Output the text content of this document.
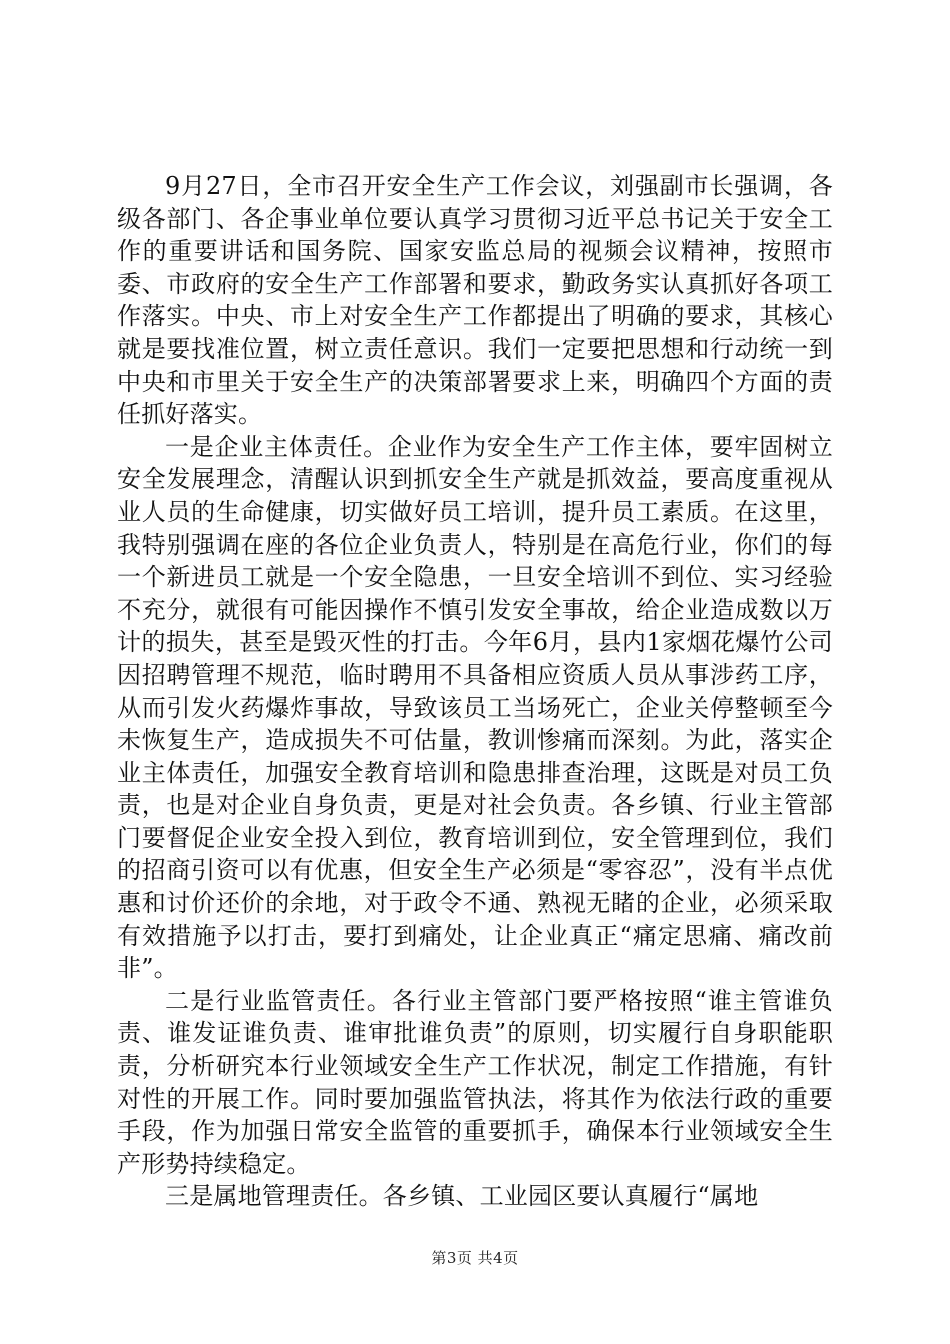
9月27日，全市召开安全生产工作会议，刘强副市长强调，各级各部门、各企事业单位要认真学习贯彻习近平总书记关于安全工作的重要讲话和国务院、国家安监总局的视频会议精神，按照市委、市政府的安全生产工作部署和要求，勤政务实认真抓好各项工作落实。中央、市上对安全生产工作都提出了明确的要求，其核心就是要找准位置，树立责任意识。我们一定要把思想和行动统一到中央和市里关于安全生产的决策部署要求上来，明确四个方面的责任抓好落实。

一是企业主体责任。企业作为安全生产工作主体，要牢固树立安全发展理念，清醒认识到抓安全生产就是抓效益，要高度重视从业人员的生命健康，切实做好员工培训，提升员工素质。在这里，我特别强调在座的各位企业负责人，特别是在高危行业，你们的每一个新进员工就是一个安全隐患，一旦安全培训不到位、实习经验不充分，就很有可能因操作不慎引发安全事故，给企业造成数以万计的损失，甚至是毁灭性的打击。今年6月，县内1家烟花爆竹公司因招聘管理不规范，临时聘用不具备相应资质人员从事涉药工序，从而引发火药爆炸事故，导致该员工当场死亡，企业关停整顿至今未恢复生产，造成损失不可估量，教训惨痛而深刻。为此，落实企业主体责任，加强安全教育培训和隐患排查治理，这既是对员工负责，也是对企业自身负责，更是对社会负责。各乡镇、行业主管部门要督促企业安全投入到位，教育培训到位，安全管理到位，我们的招商引资可以有优惠，但安全生产必须是“零容忍”，没有半点优惠和讨价还价的余地，对于政令不通、熟视无睹的企业，必须采取有效措施予以打击，要打到痛处，让企业真正“痛定思痛、痛改前非”。

二是行业监管责任。各行业主管部门要严格按照“谁主管谁负责、谁发证谁负责、谁审批谁负责”的原则，切实履行自身职能职责，分析研究本行业领域安全生产工作状况，制定工作措施，有针对性的开展工作。同时要加强监管执法，将其作为依法行政的重要手段，作为加强日常安全监管的重要抓手，确保本行业领域安全生产形势持续稳定。

三是属地管理责任。各乡镇、工业园区要认真履行“属地

第3页 共4页
